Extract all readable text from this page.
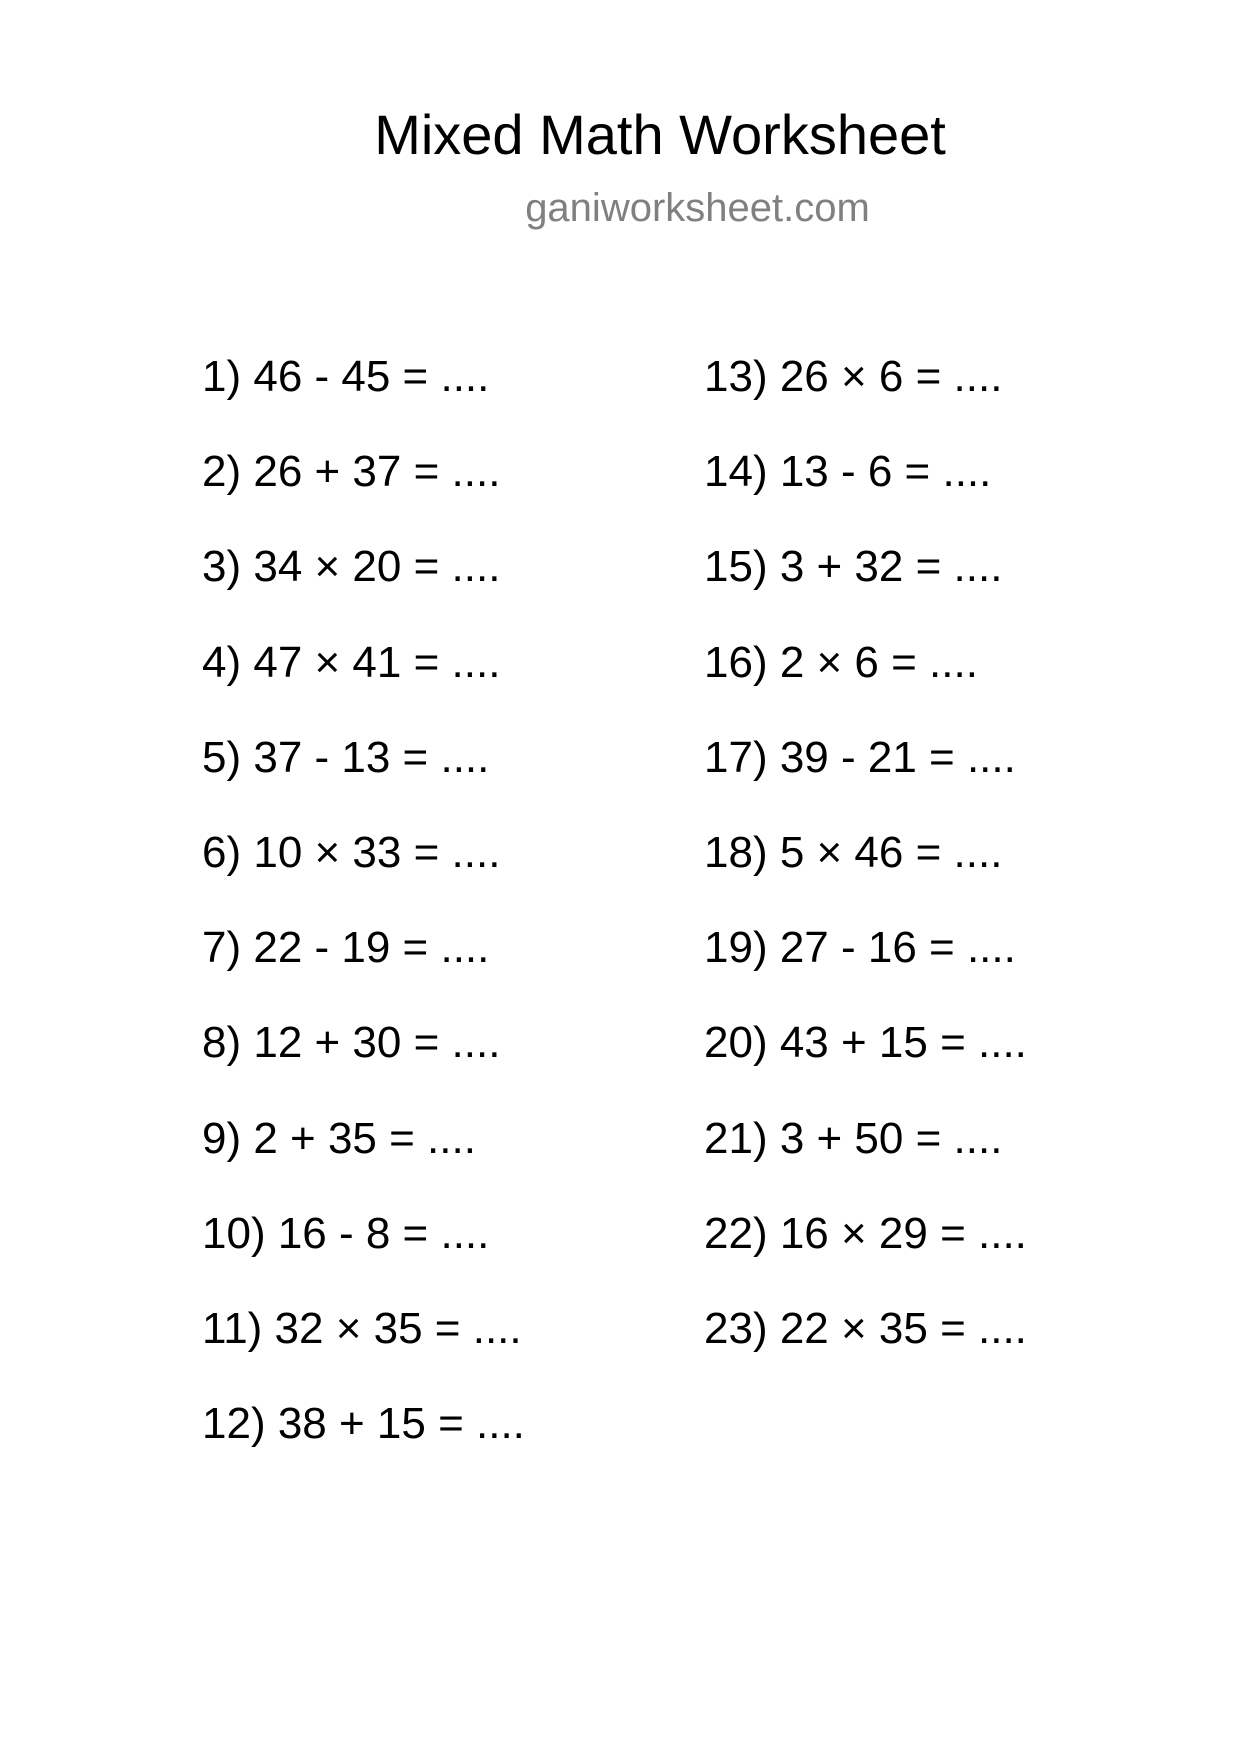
Mixed Math Worksheet
ganiworksheet.com
1) 46 - 45 = ....
2) 26 + 37 = ....
3) 34 × 20 = ....
4) 47 × 41 = ....
5) 37 - 13 = ....
6) 10 × 33 = ....
7) 22 - 19 = ....
8) 12 + 30 = ....
9) 2 + 35 = ....
10) 16 - 8 = ....
11) 32 × 35 = ....
12) 38 + 15 = ....
13) 26 × 6 = ....
14) 13 - 6 = ....
15) 3 + 32 = ....
16) 2 × 6 = ....
17) 39 - 21 = ....
18) 5 × 46 = ....
19) 27 - 16 = ....
20) 43 + 15 = ....
21) 3 + 50 = ....
22) 16 × 29 = ....
23) 22 × 35 = ....
